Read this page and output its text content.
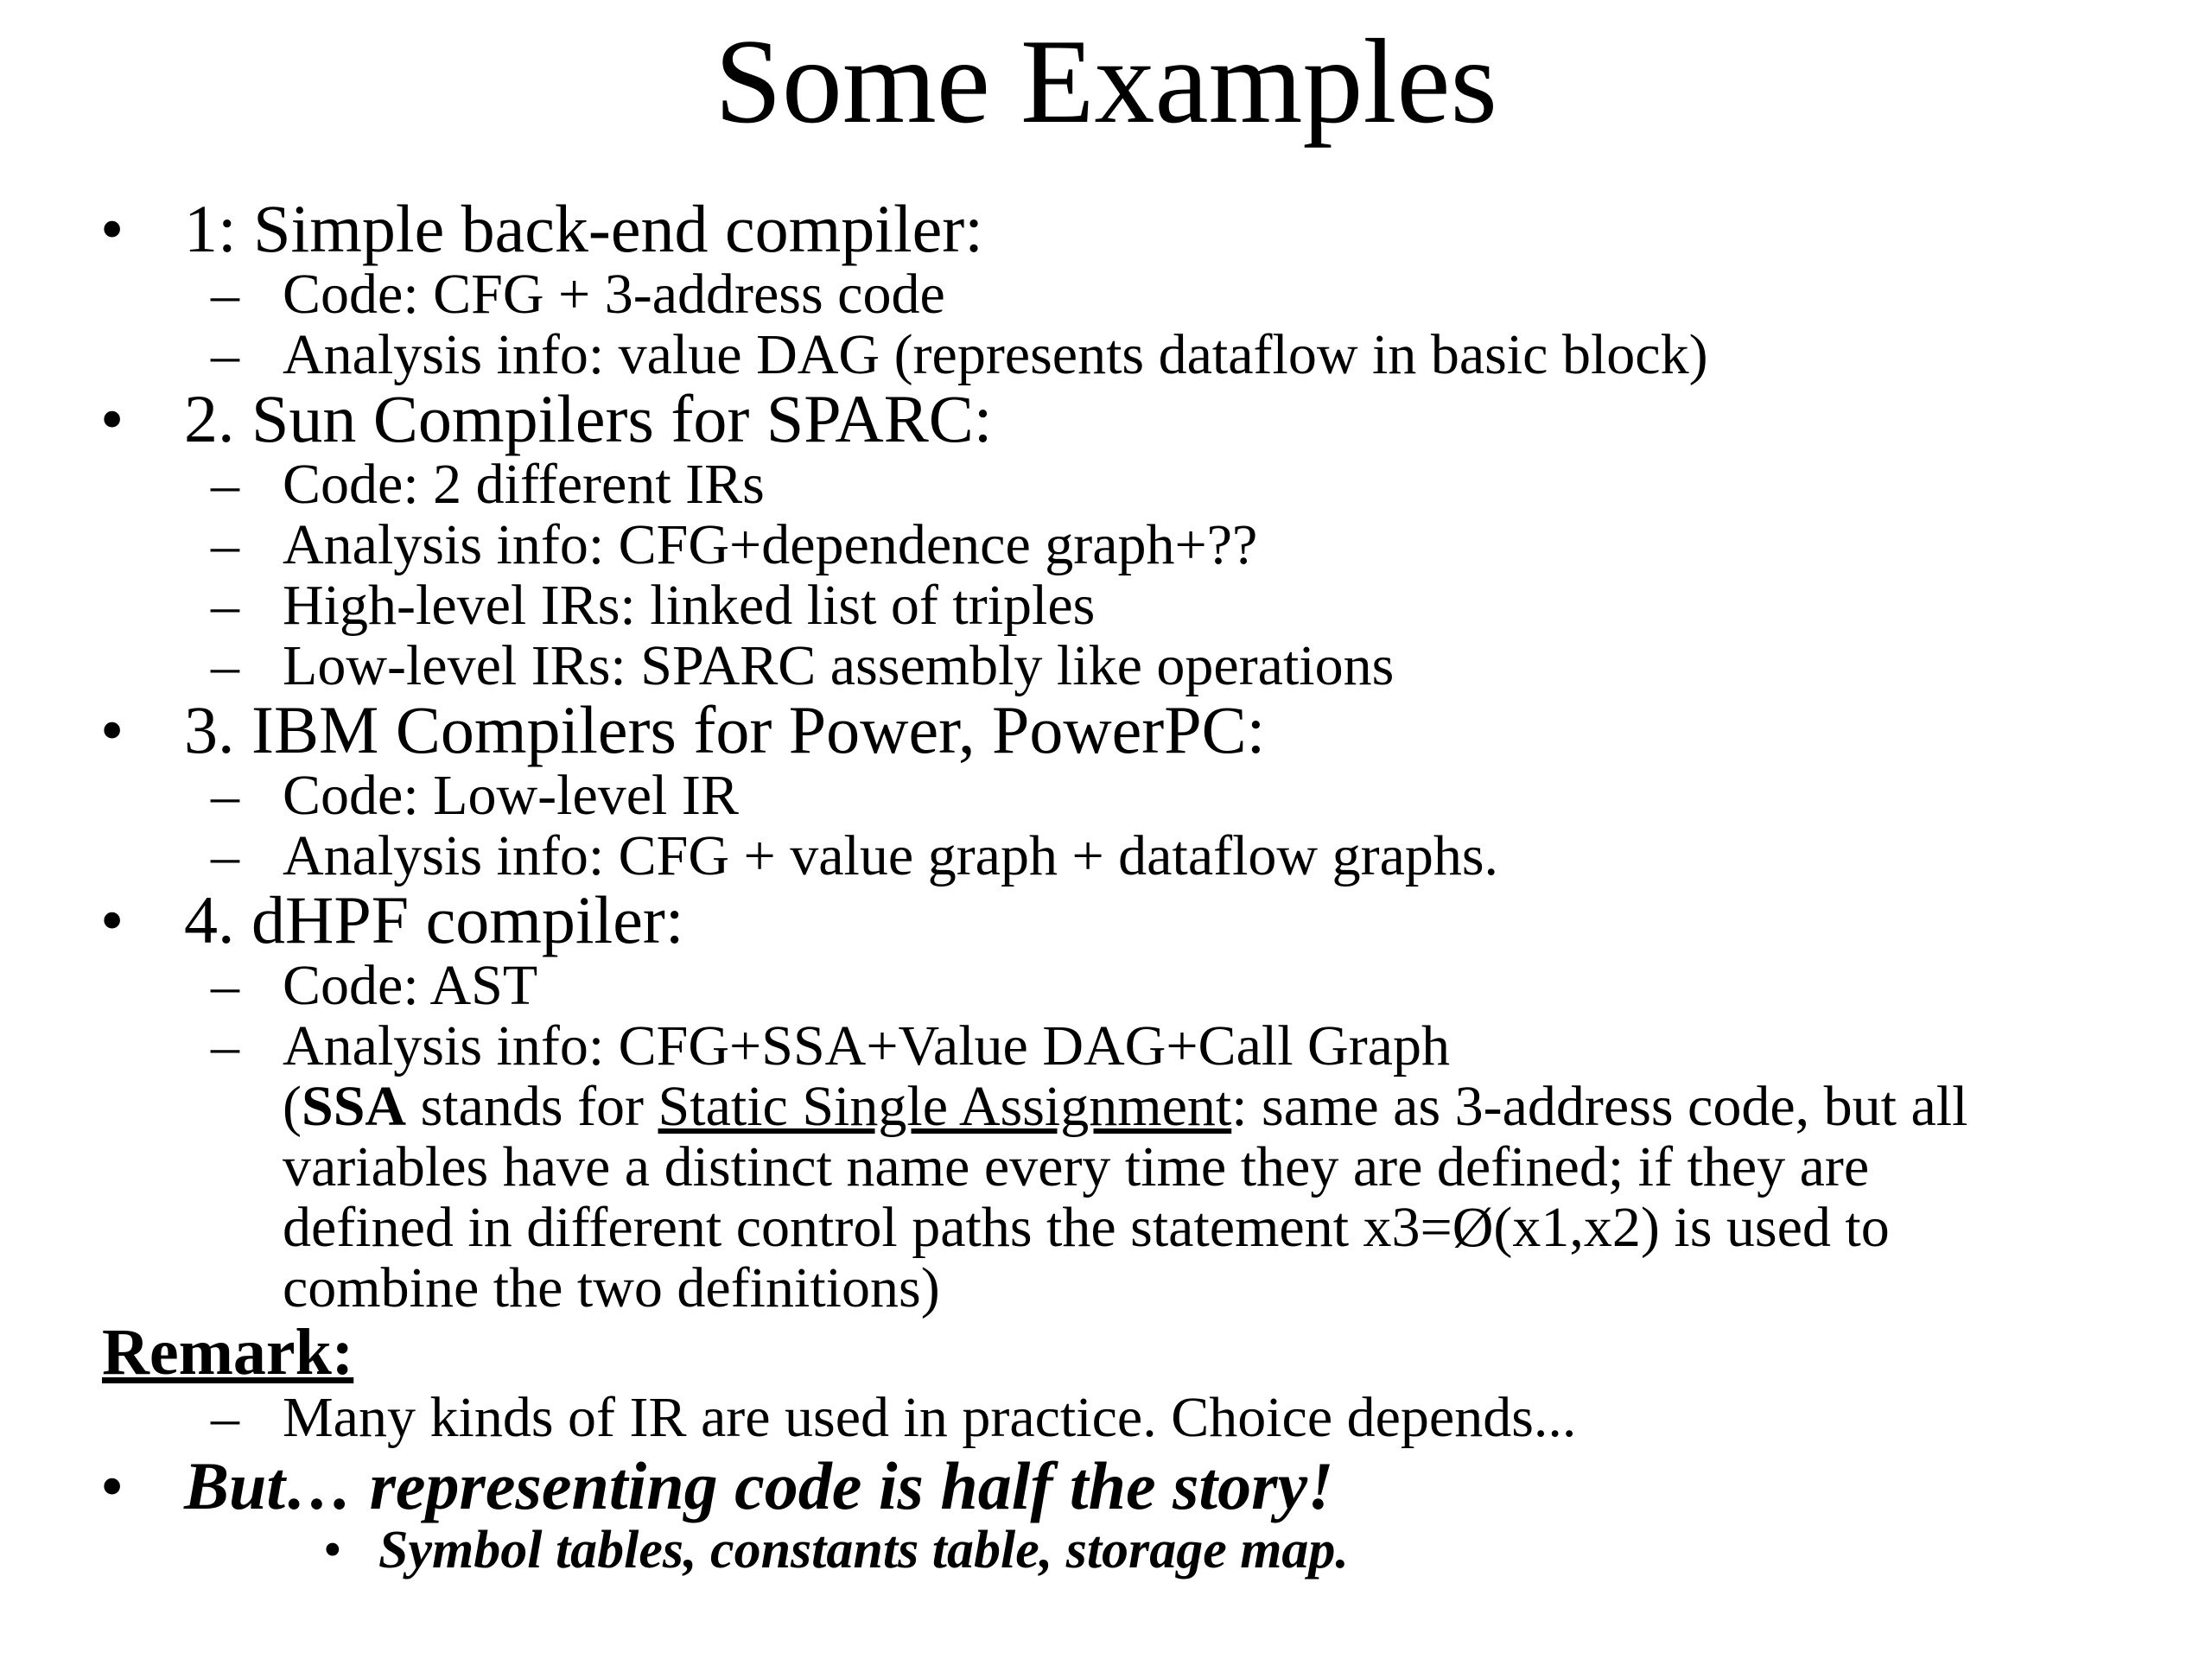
Some Examples
• 1: Simple back-end compiler:
– Code: CFG + 3-address code
– Analysis info: value DAG (represents dataflow in basic block)
• 2. Sun Compilers for SPARC:
– Code: 2 different IRs
– Analysis info: CFG+dependence graph+??
– High-level IRs: linked list of triples
– Low-level IRs: SPARC assembly like operations
• 3. IBM Compilers for Power, PowerPC:
– Code: Low-level IR
– Analysis info: CFG + value graph + dataflow graphs.
• 4. dHPF compiler:
– Code: AST
– Analysis info: CFG+SSA+Value DAG+Call Graph
(SSA stands for Static Single Assignment: same as 3-address code, but all
variables have a distinct name every time they are defined; if they are
defined in different control paths the statement x3=Ø(x1,x2) is used to
combine the two definitions)
Remark:
– Many kinds of IR are used in practice. Choice depends...
• But… representing code is half the story!
• Symbol tables, constants table, storage map.
